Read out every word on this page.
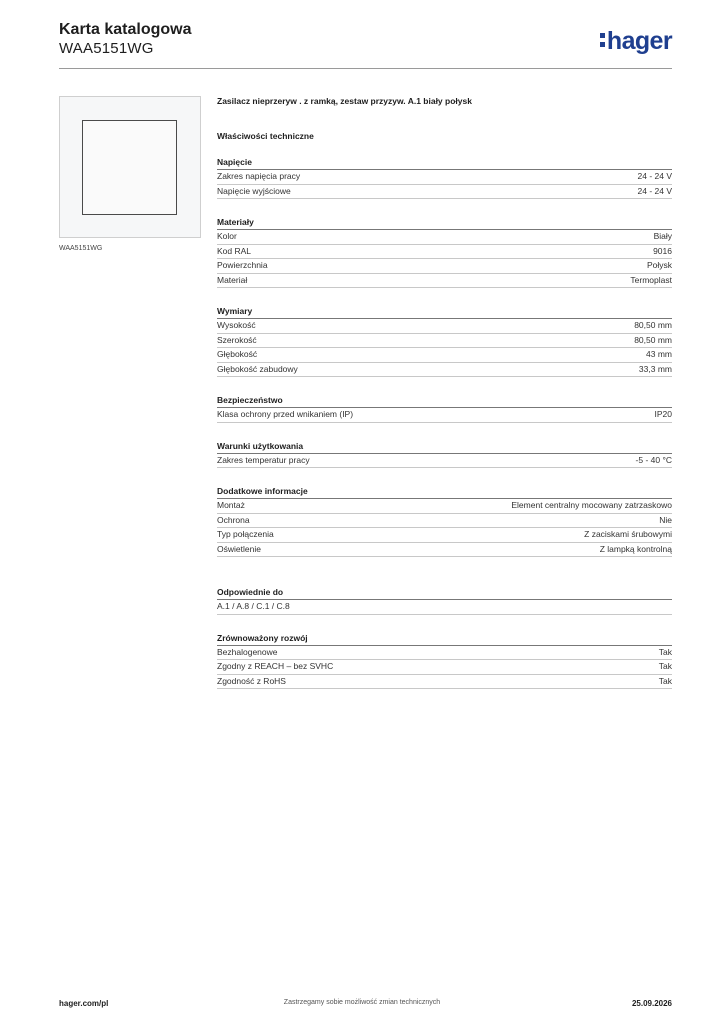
Karta katalogowa
WAA5151WG	hager
WAA5151WG
Zasilacz nieprzeryw . z ramką, zestaw przyzyw. A.1 biały połysk
Właściwości techniczne
Napięcie
Zakres napięcia pracy	24 - 24 V
Napięcie wyjściowe	24 - 24 V
Materiały
Kolor	Biały
Kod RAL	9016
Powierzchnia	Połysk
Materiał	Termoplast
Wymiary
Wysokość	80,50 mm
Szerokość	80,50 mm
Głębokość	43 mm
Głębokość zabudowy	33,3 mm
Bezpieczeństwo
Klasa ochrony przed wnikaniem (IP)	IP20
Warunki użytkowania
Zakres temperatur pracy	-5 - 40 °C
Dodatkowe informacje
Montaż	Element centralny mocowany zatrzaskowo
Ochrona	Nie
Typ połączenia	Z zaciskami śrubowymi
Oświetlenie	Z lampką kontrolną
Odpowiednie do
A.1 / A.8 / C.1 / C.8
Zrównoważony rozwój
Bezhalogenowe	Tak
Zgodny z REACH – bez SVHC	Tak
Zgodność z RoHS	Tak
hager.com/pl	Zastrzegamy sobie możliwość zmian technicznych	25.09.2026
